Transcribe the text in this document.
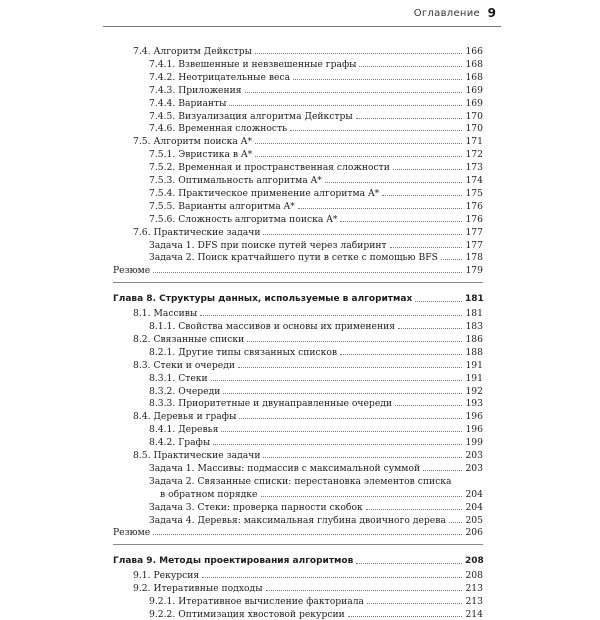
Оглавление 9
7.4. Алгоритм Дейкстры	166
7.4.1. Взвешенные и невзвешенные графы	168
7.4.2. Неотрицательные веса	168
7.4.3. Приложения	169
7.4.4. Варианты	169
7.4.5. Визуализация алгоритма Дейкстры	170
7.4.6. Временная сложность	170
7.5. Алгоритм поиска A*	171
7.5.1. Эвристика в A*	172
7.5.2. Временная и пространственная сложности	173
7.5.3. Оптимальность алгоритма A*	174
7.5.4. Практическое применение алгоритма A*	175
7.5.5. Варианты алгоритма A*	176
7.5.6. Сложность алгоритма поиска A*	176
7.6. Практические задачи	177
Задача 1. DFS при поиске путей через лабиринт	177
Задача 2. Поиск кратчайшего пути в сетке с помощью BFS	178
Резюме	179
Глава 8. Структуры данных, используемые в алгоритмах	181
8.1. Массивы	181
8.1.1. Свойства массивов и основы их применения	183
8.2. Связанные списки	186
8.2.1. Другие типы связанных списков	188
8.3. Стеки и очереди	191
8.3.1. Стеки	191
8.3.2. Очереди	192
8.3.3. Приоритетные и двунаправленные очереди	193
8.4. Деревья и графы	196
8.4.1. Деревья	196
8.4.2. Графы	199
8.5. Практические задачи	203
Задача 1. Массивы: подмассив с максимальной суммой	203
Задача 2. Связанные списки: перестановка элементов списка
в обратном порядке	204
Задача 3. Стеки: проверка парности скобок	204
Задача 4. Деревья: максимальная глубина двоичного дерева 205
Резюме	206
Глава 9. Методы проектирования алгоритмов	208
9.1. Рекурсия	208
9.2. Итеративные подходы	213
9.2.1. Итеративное вычисление факториала	213
9.2.2. Оптимизация хвостовой рекурсии	214
